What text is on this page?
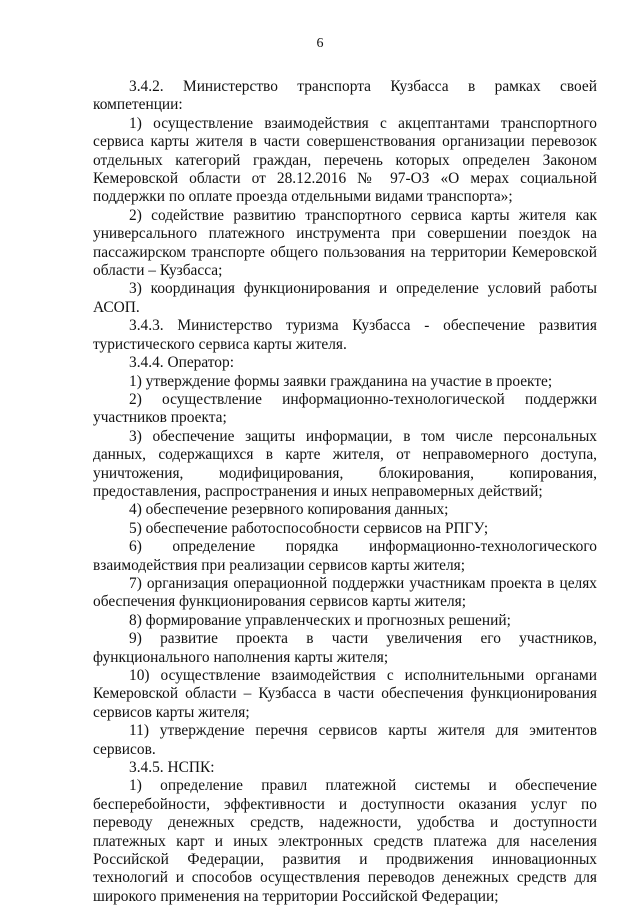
6

3.4.2. Министерство транспорта Кузбасса в рамках своей компетенции:

1) осуществление взаимодействия с акцептантами транспортного сервиса карты жителя в части совершенствования организации перевозок отдельных категорий граждан, перечень которых определен Законом Кемеровской области от 28.12.2016 № 97-ОЗ «О мерах социальной поддержки по оплате проезда отдельными видами транспорта»;

2) содействие развитию транспортного сервиса карты жителя как универсального платежного инструмента при совершении поездок на пассажирском транспорте общего пользования на территории Кемеровской области – Кузбасса;

3) координация функционирования и определение условий работы АСОП.

3.4.3. Министерство туризма Кузбасса - обеспечение развития туристического сервиса карты жителя.

3.4.4. Оператор:

1) утверждение формы заявки гражданина на участие в проекте;

2) осуществление информационно-технологической поддержки участников проекта;

3) обеспечение защиты информации, в том числе персональных данных, содержащихся в карте жителя, от неправомерного доступа, уничтожения, модифицирования, блокирования, копирования, предоставления, распространения и иных неправомерных действий;

4) обеспечение резервного копирования данных;

5) обеспечение работоспособности сервисов на РПГУ;

6) определение порядка информационно-технологического взаимодействия при реализации сервисов карты жителя;

7) организация операционной поддержки участникам проекта в целях обеспечения функционирования сервисов карты жителя;

8) формирование управленческих и прогнозных решений;

9) развитие проекта в части увеличения его участников, функционального наполнения карты жителя;

10) осуществление взаимодействия с исполнительными органами Кемеровской области – Кузбасса в части обеспечения функционирования сервисов карты жителя;

11) утверждение перечня сервисов карты жителя для эмитентов сервисов.

3.4.5. НСПК:

1) определение правил платежной системы и обеспечение бесперебойности, эффективности и доступности оказания услуг по переводу денежных средств, надежности, удобства и доступности платежных карт и иных электронных средств платежа для населения Российской Федерации, развития и продвижения инновационных технологий и способов осуществления переводов денежных средств для широкого применения на территории Российской Федерации;
